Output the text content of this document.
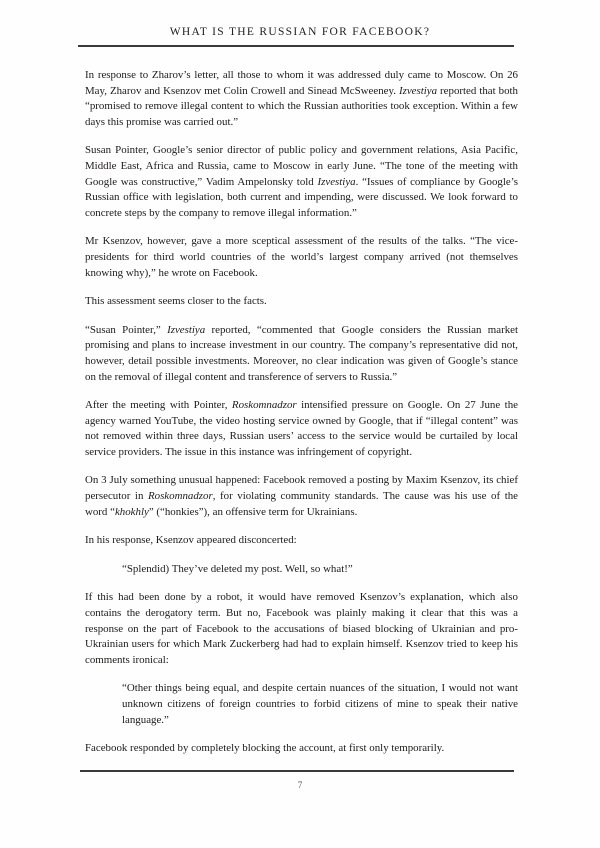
WHAT IS THE RUSSIAN FOR FACEBOOK?

In response to Zharov’s letter, all those to whom it was addressed duly came to Moscow. On 26 May, Zharov and Ksenzov met Colin Crowell and Sinead McSweeney. Izvestiya reported that both “promised to remove illegal content to which the Russian authorities took exception. Within a few days this promise was carried out.”

Susan Pointer, Google’s senior director of public policy and government relations, Asia Pacific, Middle East, Africa and Russia, came to Moscow in early June. “The tone of the meeting with Google was constructive,” Vadim Ampelonsky told Izvestiya. “Issues of compliance by Google’s Russian office with legislation, both current and impending, were discussed. We look forward to concrete steps by the company to remove illegal information.”

Mr Ksenzov, however, gave a more sceptical assessment of the results of the talks. “The vice-presidents for third world countries of the world’s largest company arrived (not themselves knowing why),” he wrote on Facebook.

This assessment seems closer to the facts.

“Susan Pointer,” Izvestiya reported, “commented that Google considers the Russian market promising and plans to increase investment in our country. The company’s representative did not, however, detail possible investments. Moreover, no clear indication was given of Google’s stance on the removal of illegal content and transference of servers to Russia.”

After the meeting with Pointer, Roskomnadzor intensified pressure on Google. On 27 June the agency warned YouTube, the video hosting service owned by Google, that if “illegal content” was not removed within three days, Russian users’ access to the service would be curtailed by local service providers. The issue in this instance was infringement of copyright.

On 3 July something unusual happened: Facebook removed a posting by Maxim Ksenzov, its chief persecutor in Roskomnadzor, for violating community standards. The cause was his use of the word “khokhly” (“honkies”), an offensive term for Ukrainians.

In his response, Ksenzov appeared disconcerted:

“Splendid) They’ve deleted my post. Well, so what!”

If this had been done by a robot, it would have removed Ksenzov’s explanation, which also contains the derogatory term. But no, Facebook was plainly making it clear that this was a response on the part of Facebook to the accusations of biased blocking of Ukrainian and pro-Ukrainian users for which Mark Zuckerberg had had to explain himself. Ksenzov tried to keep his comments ironical:

“Other things being equal, and despite certain nuances of the situation, I would not want unknown citizens of foreign countries to forbid citizens of mine to speak their native language.”

Facebook responded by completely blocking the account, at first only temporarily.

7
